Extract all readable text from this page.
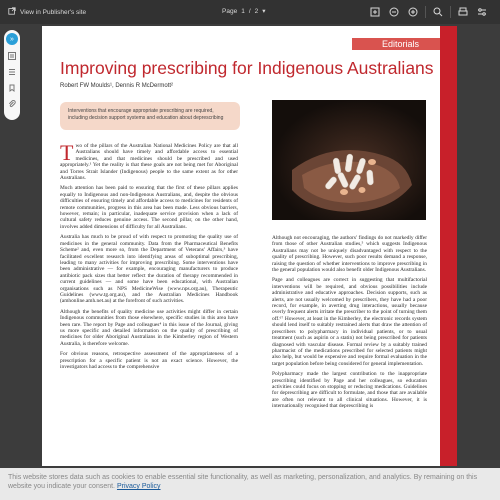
View in Publisher's site	Page 1 / 2 ▾
»	Editorials
Improving prescribing for Indigenous Australians
Robert FW Moulds¹, Dennis R McDermott²
Interventions that encourage appropriate prescribing are required, including decision support systems and education about deprescribing

Two of the pillars of the Australian National Medicines Policy are that all Australians should have timely and affordable access to essential medicines, and that medicines should be prescribed and used appropriately.¹ Yet the reality is that these goals are not being met for Aboriginal and Torres Strait Islander (Indigenous) people to the same extent as for other Australians.

Much attention has been paid to ensuring that the first of these pillars applies equally to Indigenous and non-Indigenous Australians, and, despite the obvious difficulties of ensuring timely and affordable access to medicines for residents of remote communities, progress in this area has been made. Less obvious barriers, however, remain; in particular, inadequate service provision when a lack of cultural safety reduces genuine access. The second pillar, on the other hand, involves added dimensions of difficulty for all Australians.

Australia has much to be proud of with respect to promoting the quality use of medicines in the general community. Data from the Pharmaceutical Benefits Scheme² and, even more so, from the Department of Veterans' Affairs,³ have facilitated excellent research into identifying areas of suboptimal prescribing, leading to many activities for improving prescribing. Some interventions have been administrative — for example, encouraging manufacturers to produce antibiotic pack sizes that better reflect the duration of therapy recommended in current guidelines — and some have been educational, with Australian organisations such as NPS MedicineWise (www.nps.org.au), Therapeutic Guidelines (www.tg.org.au), and the Australian Medicines Handbook (amhonline.amh.net.au) at the forefront of such activities.

Although the benefits of quality medicine use activities might differ in certain Indigenous communities from those elsewhere, specific studies in this area have been rare. The report by Page and colleagues⁴ in this issue of the Journal, giving us more specific and detailed information on the quality of prescribing of medicines for older Aboriginal Australians in the Kimberley region of Western Australia, is therefore welcome.

For obvious reasons, retrospective assessment of the appropriateness of a prescription for a specific patient is not an exact science. However, the investigators had access to the comprehensive

Although not encouraging, the authors' findings do not markedly differ from those of other Australian studies,⁵ which suggests Indigenous Australians may not be uniquely disadvantaged with respect to the quality of prescribing. However, such poor results demand a response, raising the question of whether interventions to improve prescribing in the general population would also benefit older Indigenous Australians.

Page and colleagues are correct in suggesting that multifactorial interventions will be required, and obvious possibilities include administrative and educative approaches. Decision supports, such as alerts, are not usually welcomed by prescribers, they have had a poor record, for example, in averting drug interactions, usually because overly frequent alerts irritate the prescriber to the point of turning them off.⁶⁷ However, at least in the Kimberley, the electronic records system should lend itself to suitably restrained alerts that draw the attention of prescribers to polypharmacy in individual patients, or to usual treatment (such as aspirin or a statin) not being prescribed for patients diagnosed with vascular disease. Formal review by a suitably trained pharmacist of the medications prescribed for selected patients might also help, but would be expensive and require formal evaluation in the target population before being considered for general implementation.

Polypharmacy made the largest contribution to the inappropriate prescribing identified by Page and her colleagues, so education activities could focus on stopping or reducing medications. Guidelines for deprescribing are difficult to formulate, and those that are available are often not relevant to all clinical situations. However, it is internationally recognised that deprescribing is

This website stores data such as cookies to enable essential site functionality, as well as marketing, personalization, and analytics. By remaining on this website you indicate your consent. Privacy Policy
